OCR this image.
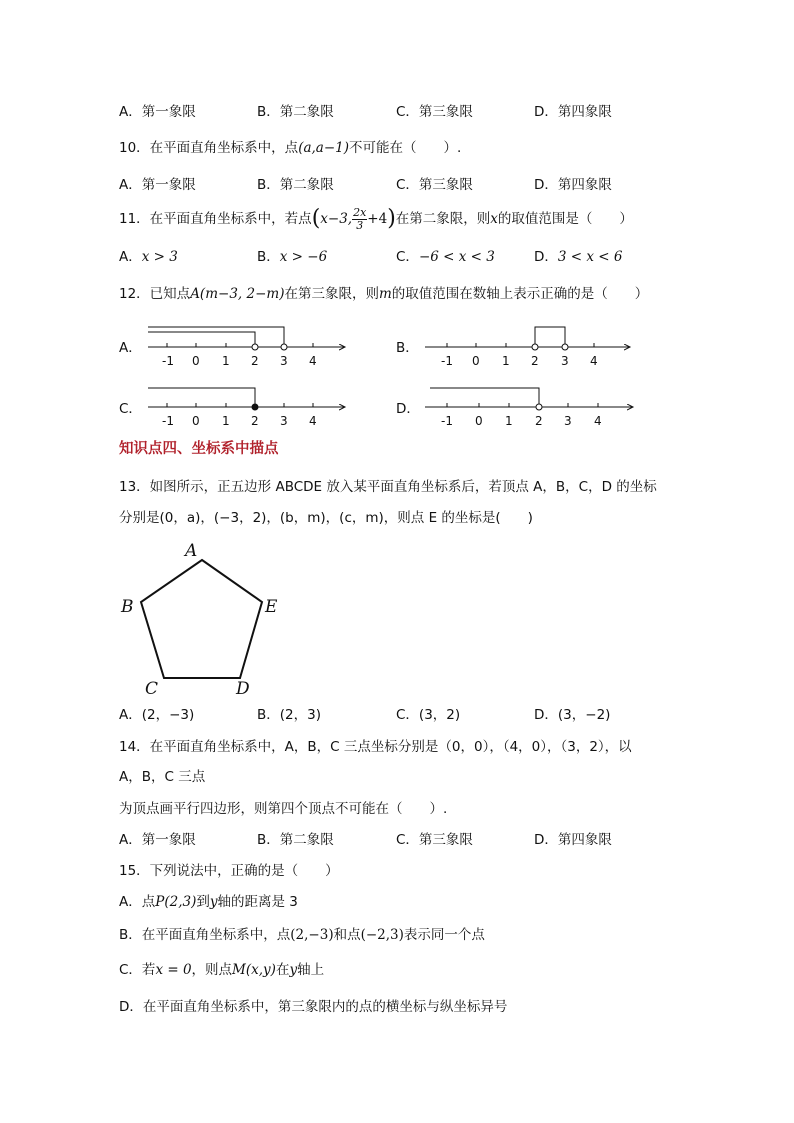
A．第一象限	B．第二象限	C．第三象限	D．第四象限
10．在平面直角坐标系中，点(a,a−1)不可能在（　　）.
A．第一象限	B．第二象限	C．第三象限	D．第四象限
11．在平面直角坐标系中，若点(x−3, $\frac{2x}{3} +4$)在第二象限，则x的取值范围是（　　）
A．x > 3	B．x > −6	C．−6 < x < 3	D．3 < x < 6
12．已知点A(m−3, 2−m)在第三象限，则m的取值范围在数轴上表示正确的是（　　）
A．	B．
C．	D．
-1 0 1 2 3 4	-1 0 1 2 3 4
-1 0 1 2 3 4	-1 0 1 2 3 4
A
B
C	D
E
知识点四、坐标系中描点
13．如图所示，正五边形 ABCDE 放入某平面直角坐标系后，若顶点 A，B，C，D 的坐标
分别是(0，a)，(−3，2)，(b，m)，(c，m)，则点 E 的坐标是(　　)
A．(2，−3)	B．(2，3)	C．(3，2)	D．(3，−2)
14．在平面直角坐标系中，A，B，C 三点坐标分别是（0，0），（4，0），（3，2），以
A，B，C 三点
为顶点画平行四边形，则第四个顶点不可能在（　　）.
A．第一象限	B．第二象限	C．第三象限	D．第四象限
15．下列说法中，正确的是（　　）
A．点P(2,3)到y轴的距离是 3
B．在平面直角坐标系中，点(2,−3)和点(−2,3)表示同一个点
C．若x = 0，则点M(x,y)在y轴上
D．在平面直角坐标系中，第三象限内的点的横坐标与纵坐标异号
